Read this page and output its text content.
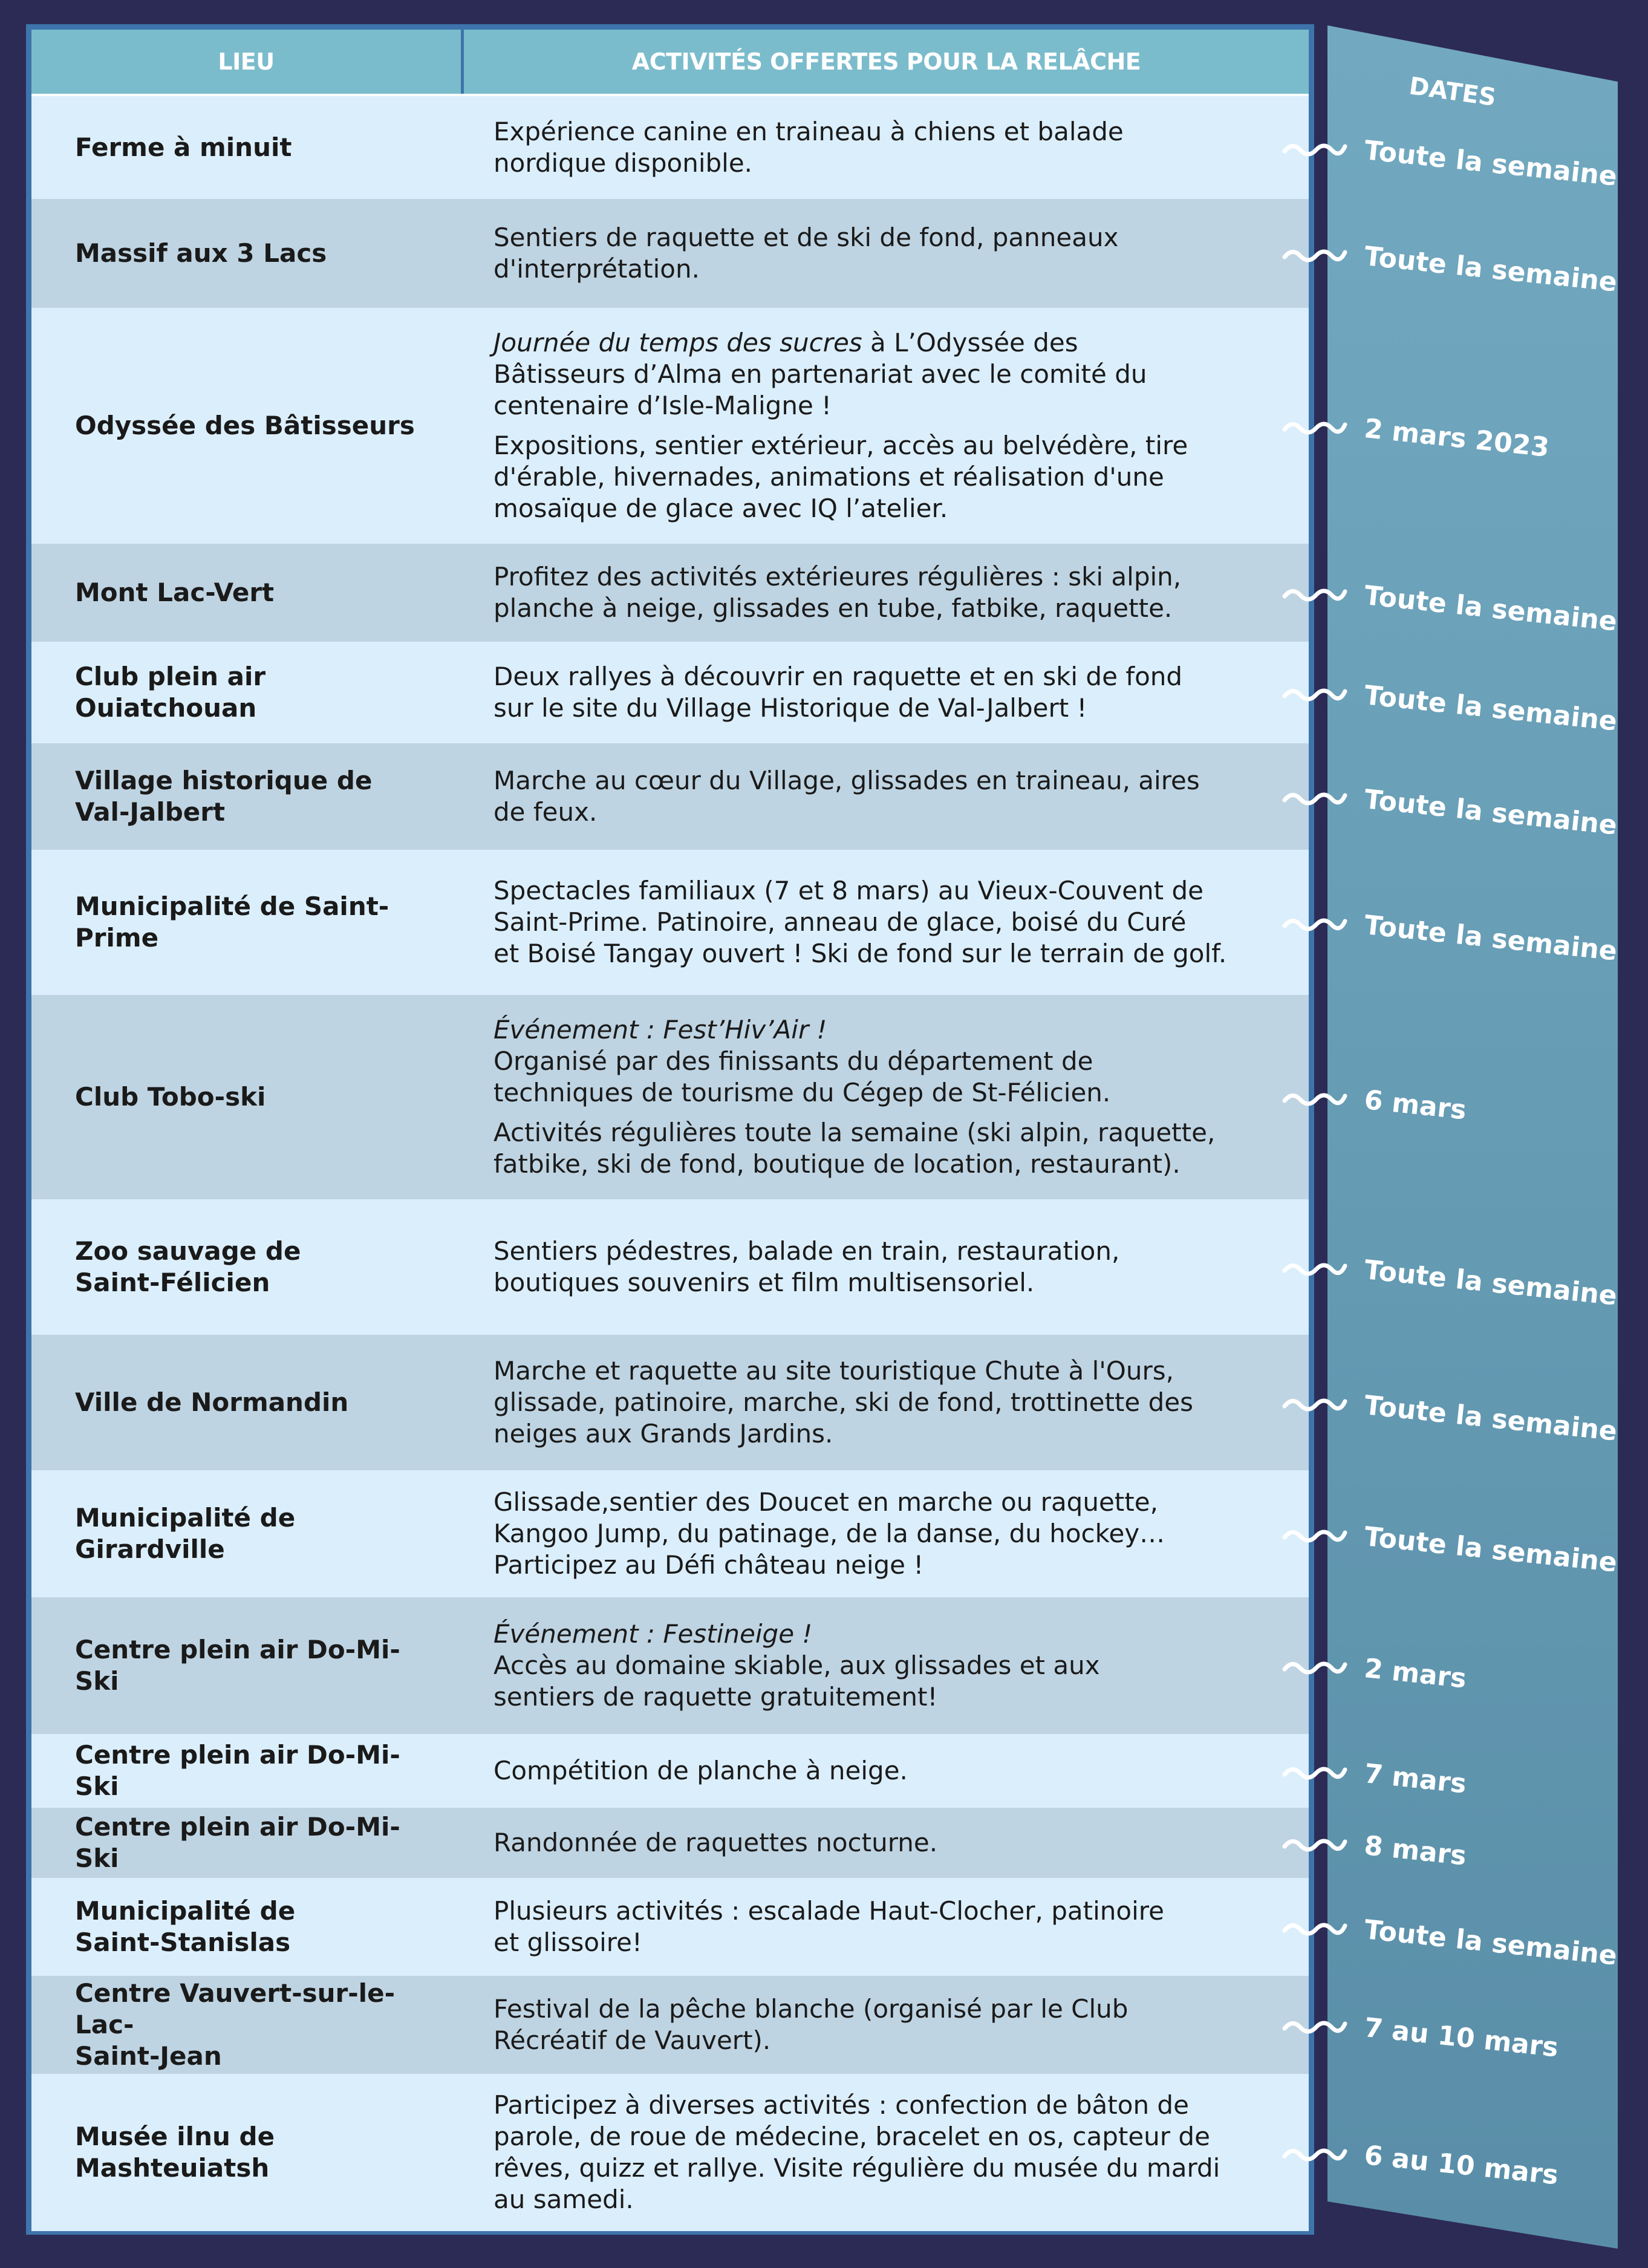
DATES
LIEU	ACTIVITÉS OFFERTES POUR LA RELÂCHE
Ferme à minuit
Expérience canine en traineau à chiens et balade
nordique disponible.
Massif aux 3 Lacs
Sentiers de raquette et de ski de fond, panneaux
d'interprétation.
Odyssée des Bâtisseurs
Journée du temps des sucres à L’Odyssée des
Bâtisseurs d’Alma en partenariat avec le comité du
centenaire d’Isle-Maligne !
Expositions, sentier extérieur, accès au belvédère, tire
d'érable, hivernades, animations et réalisation d'une
mosaïque de glace avec IQ l’atelier.
Mont Lac-Vert
Profitez des activités extérieures régulières : ski alpin,
planche à neige, glissades en tube, fatbike, raquette.
Club plein air Ouiatchouan
Deux rallyes à découvrir en raquette et en ski de fond
sur le site du Village Historique de Val-Jalbert !
Village historique de
Val-Jalbert
Marche au cœur du Village, glissades en traineau, aires
de feux.
Municipalité de Saint-Prime
Spectacles familiaux (7 et 8 mars) au Vieux-Couvent de
Saint-Prime. Patinoire, anneau de glace, boisé du Curé
et Boisé Tangay ouvert ! Ski de fond sur le terrain de golf.
Club Tobo-ski
Événement : Fest’Hiv’Air !
Organisé par des finissants du département de
techniques de tourisme du Cégep de St-Félicien.
Activités régulières toute la semaine (ski alpin, raquette,
fatbike, ski de fond, boutique de location, restaurant).
Zoo sauvage de
Saint-Félicien
Sentiers pédestres, balade en train, restauration,
boutiques souvenirs et film multisensoriel.
Ville de Normandin
Marche et raquette au site touristique Chute à l'Ours,
glissade, patinoire, marche, ski de fond, trottinette des
neiges aux Grands Jardins.
Municipalité de Girardville
Glissade,sentier des Doucet en marche ou raquette,
Kangoo Jump, du patinage, de la danse, du hockey…
Participez au Défi château neige !
Centre plein air Do-Mi-Ski
Événement : Festineige !
Accès au domaine skiable, aux glissades et aux
sentiers de raquette gratuitement!
Centre plein air Do-Mi-Ski
Compétition de planche à neige.
Centre plein air Do-Mi-Ski
Randonnée de raquettes nocturne.
Municipalité de
Saint-Stanislas
Plusieurs activités : escalade Haut-Clocher, patinoire
et glissoire!
Centre Vauvert-sur-le-Lac-
Saint-Jean
Festival de la pêche blanche (organisé par le Club
Récréatif de Vauvert).
Musée ilnu de Mashteuiatsh
Participez à diverses activités : confection de bâton de
parole, de roue de médecine, bracelet en os, capteur de
rêves, quizz et rallye. Visite régulière du musée du mardi
au samedi.
Toute la semaine
Toute la semaine
2 mars 2023
Toute la semaine
Toute la semaine
Toute la semaine
Toute la semaine
6 mars
Toute la semaine
Toute la semaine
Toute la semaine
2 mars
7 mars
8 mars
Toute la semaine
7 au 10 mars
6 au 10 mars
